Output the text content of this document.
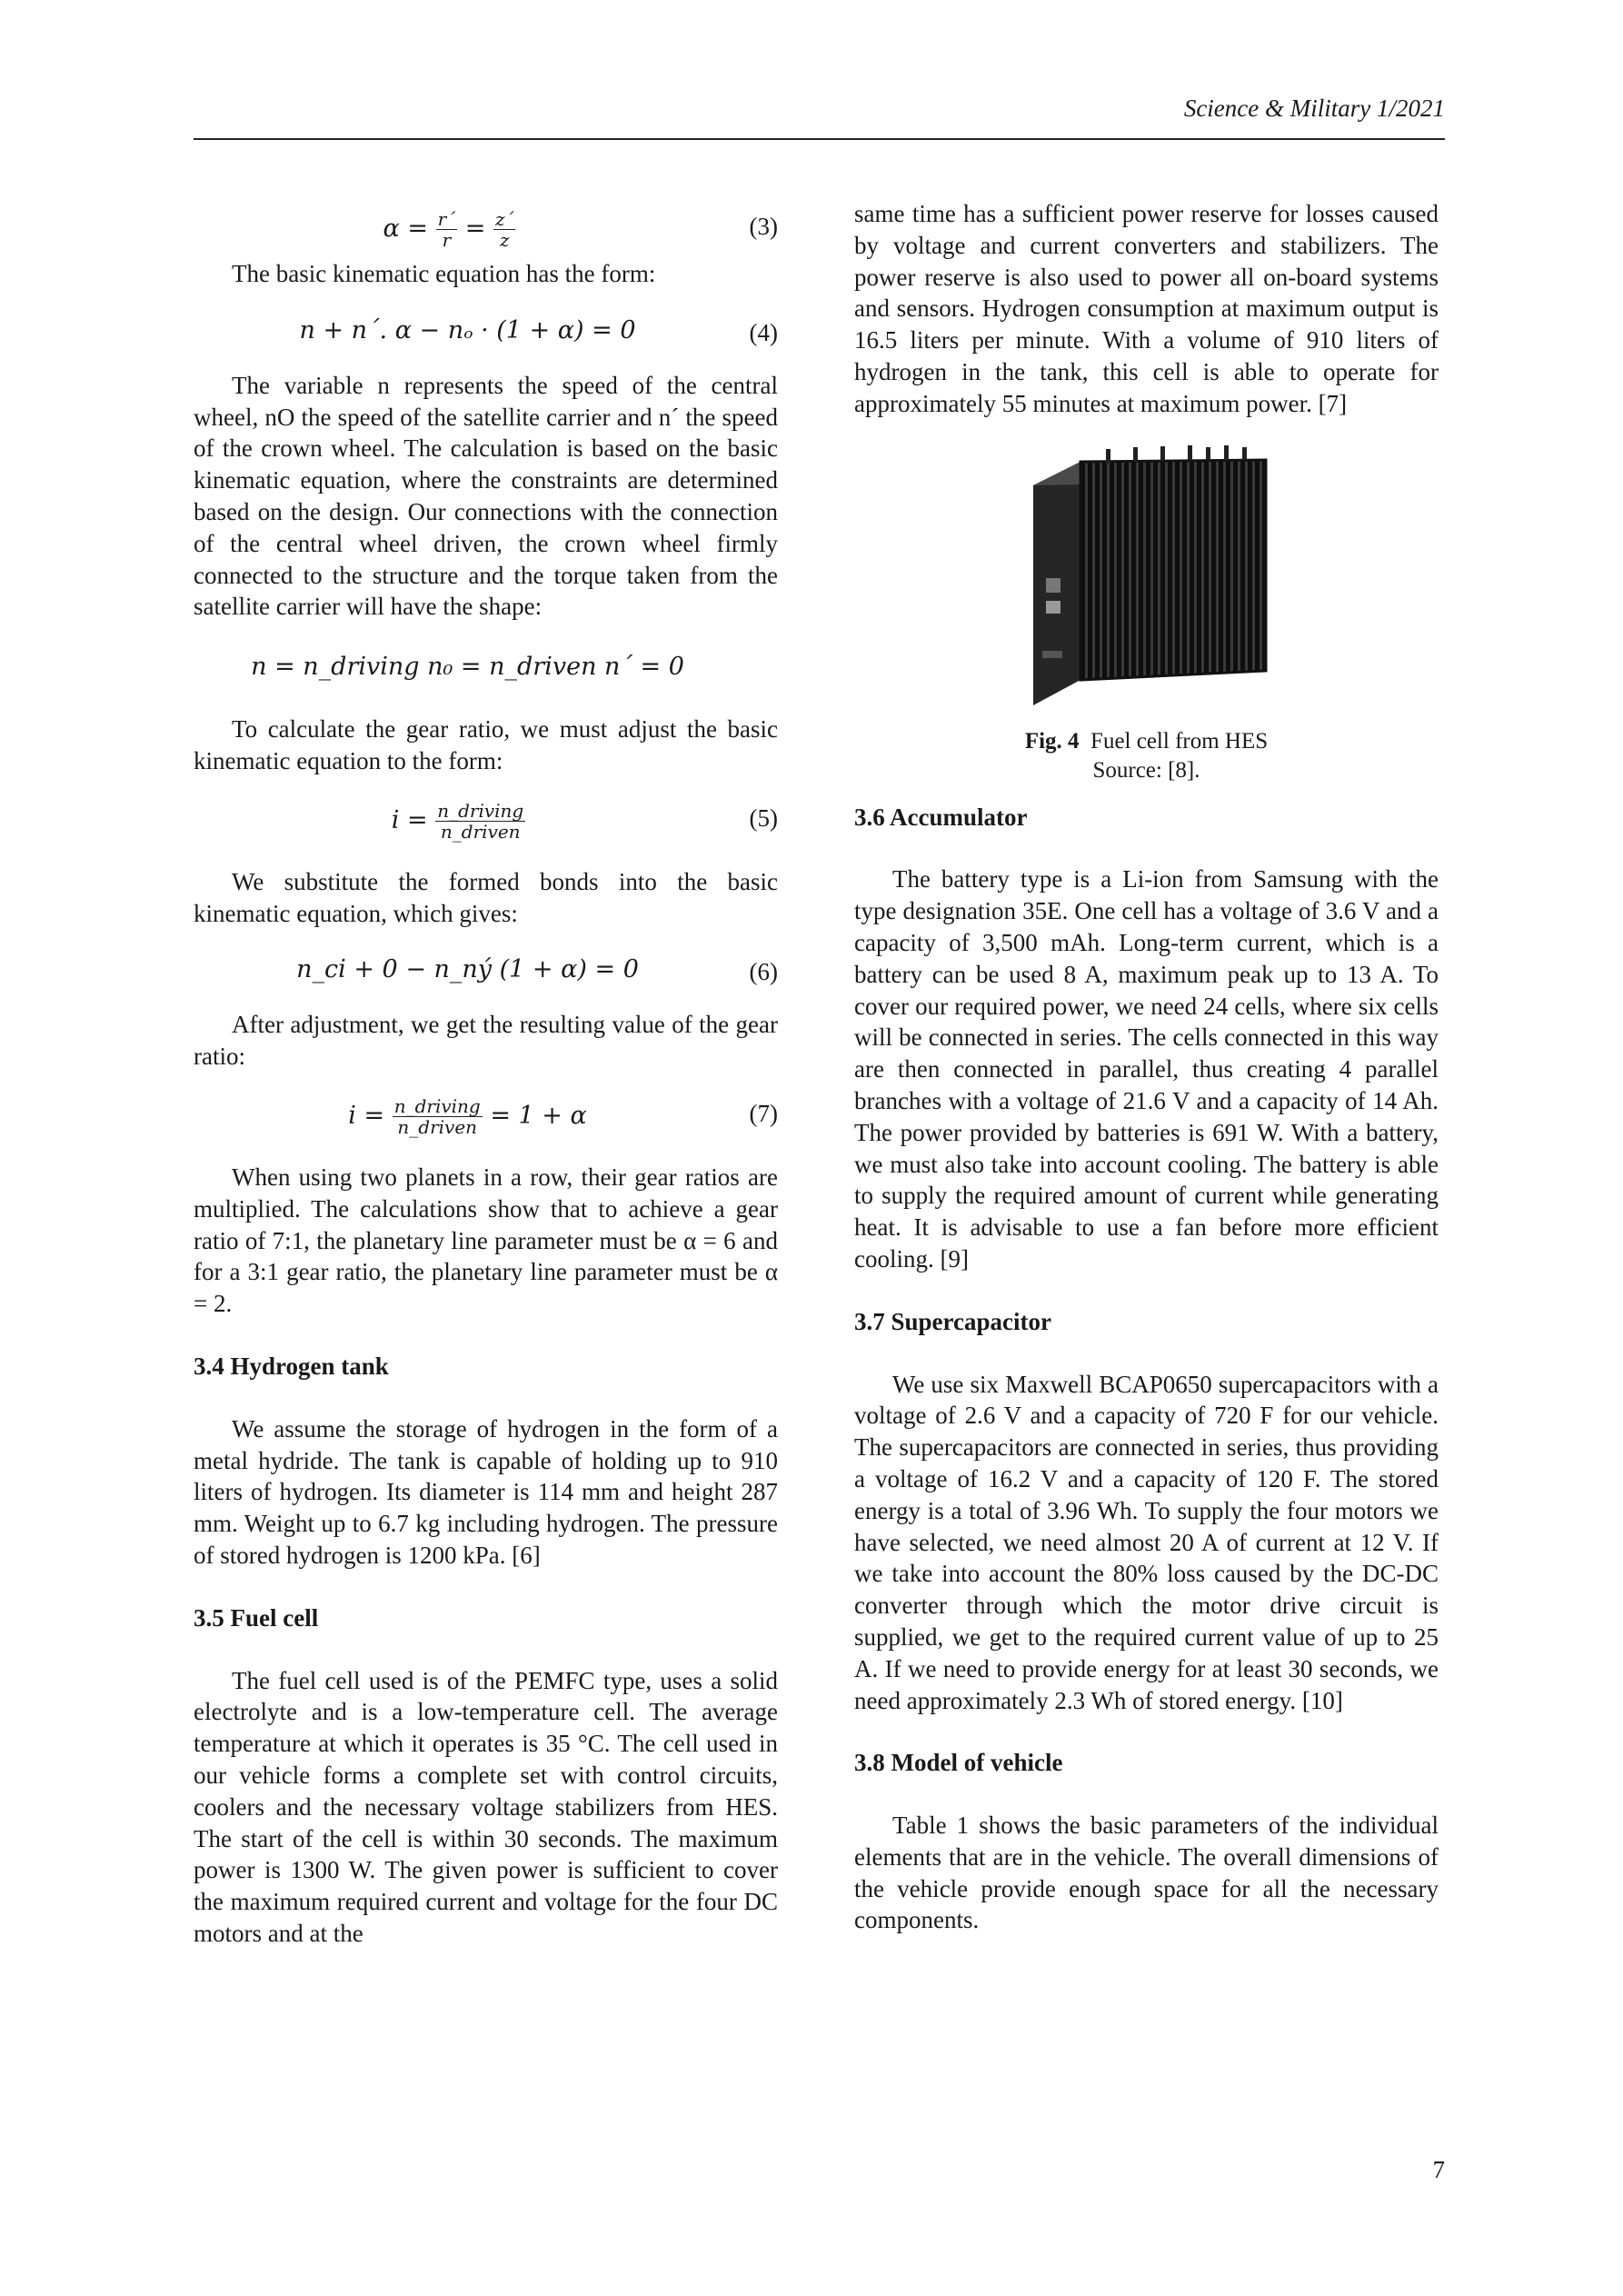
Science & Military 1/2021
$\alpha = \frac{r´}{r} = \frac{z´}{z}$	(3)

The basic kinematic equation has the form:

n + n´. α − nₒ · (1 + α) = 0	(4)

The variable n represents the speed of the central wheel, nO the speed of the satellite carrier and n´ the speed of the crown wheel. The calculation is based on the basic kinematic equation, where the constraints are determined based on the design. Our connections with the connection of the central wheel driven, the crown wheel firmly connected to the structure and the torque taken from the satellite carrier will have the shape:

n = n_driving n₀ = n_driven n´ = 0

To calculate the gear ratio, we must adjust the basic kinematic equation to the form:

$i = \frac{\text{n\_driving}}{\text{n\_driven}}$	(5)

We substitute the formed bonds into the basic kinematic equation, which gives:

n_ci + 0 − n_ný (1 + α) = 0	(6)

After adjustment, we get the resulting value of the gear ratio:

$i = \frac{\text{n\_driving}}{\text{n\_driven}} = 1 + \alpha$	(7)

When using two planets in a row, their gear ratios are multiplied. The calculations show that to achieve a gear ratio of 7:1, the planetary line parameter must be α = 6 and for a 3:1 gear ratio, the planetary line parameter must be α = 2.

3.4 Hydrogen tank

We assume the storage of hydrogen in the form of a metal hydride. The tank is capable of holding up to 910 liters of hydrogen. Its diameter is 114 mm and height 287 mm. Weight up to 6.7 kg including hydrogen. The pressure of stored hydrogen is 1200 kPa. [6]

3.5 Fuel cell

The fuel cell used is of the PEMFC type, uses a solid electrolyte and is a low-temperature cell. The average temperature at which it operates is 35 °C. The cell used in our vehicle forms a complete set with control circuits, coolers and the necessary voltage stabilizers from HES. The start of the cell is within 30 seconds. The maximum power is 1300 W. The given power is sufficient to cover the maximum required current and voltage for the four DC motors and at the

same time has a sufficient power reserve for losses caused by voltage and current converters and stabilizers. The power reserve is also used to power all on-board systems and sensors. Hydrogen consumption at maximum output is 16.5 liters per minute. With a volume of 910 liters of hydrogen in the tank, this cell is able to operate for approximately 55 minutes at maximum power. [7]

Fig. 4 Fuel cell from HES
Source: [8].

3.6 Accumulator

The battery type is a Li-ion from Samsung with the type designation 35E. One cell has a voltage of 3.6 V and a capacity of 3,500 mAh. Long-term current, which is a battery can be used 8 A, maximum peak up to 13 A. To cover our required power, we need 24 cells, where six cells will be connected in series. The cells connected in this way are then connected in parallel, thus creating 4 parallel branches with a voltage of 21.6 V and a capacity of 14 Ah. The power provided by batteries is 691 W. With a battery, we must also take into account cooling. The battery is able to supply the required amount of current while generating heat. It is advisable to use a fan before more efficient cooling. [9]

3.7 Supercapacitor

We use six Maxwell BCAP0650 supercapacitors with a voltage of 2.6 V and a capacity of 720 F for our vehicle. The supercapacitors are connected in series, thus providing a voltage of 16.2 V and a capacity of 120 F. The stored energy is a total of 3.96 Wh. To supply the four motors we have selected, we need almost 20 A of current at 12 V. If we take into account the 80% loss caused by the DC-DC converter through which the motor drive circuit is supplied, we get to the required current value of up to 25 A. If we need to provide energy for at least 30 seconds, we need approximately 2.3 Wh of stored energy. [10]

3.8 Model of vehicle

Table 1 shows the basic parameters of the individual elements that are in the vehicle. The overall dimensions of the vehicle provide enough space for all the necessary components.

7
